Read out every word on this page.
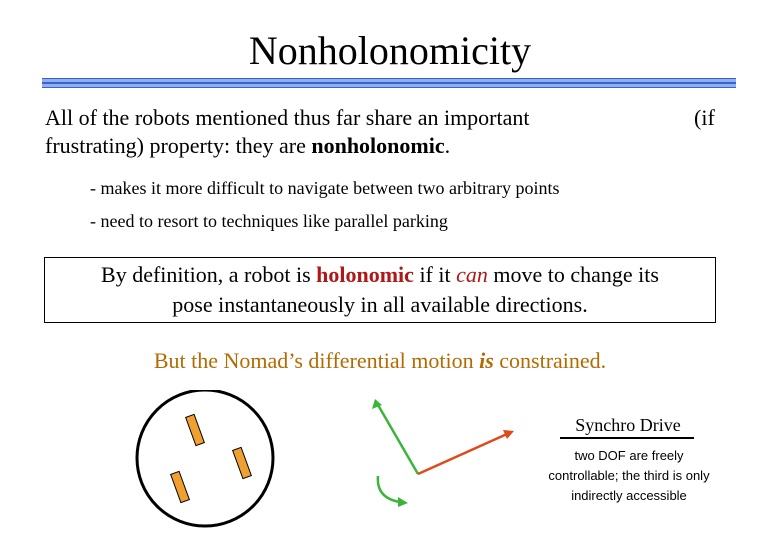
Nonholonomicity
All of the robots mentioned thus far share an important	(if
frustrating) property: they are nonholonomic.
- makes it more difficult to navigate between two arbitrary points
- need to resort to techniques like parallel parking
By definition, a robot is holonomic if it can move to change its
pose instantaneously in all available directions.
But the Nomad’s differential motion is constrained.
Synchro Drive
two DOF are freely
controllable; the third is only
indirectly accessible
